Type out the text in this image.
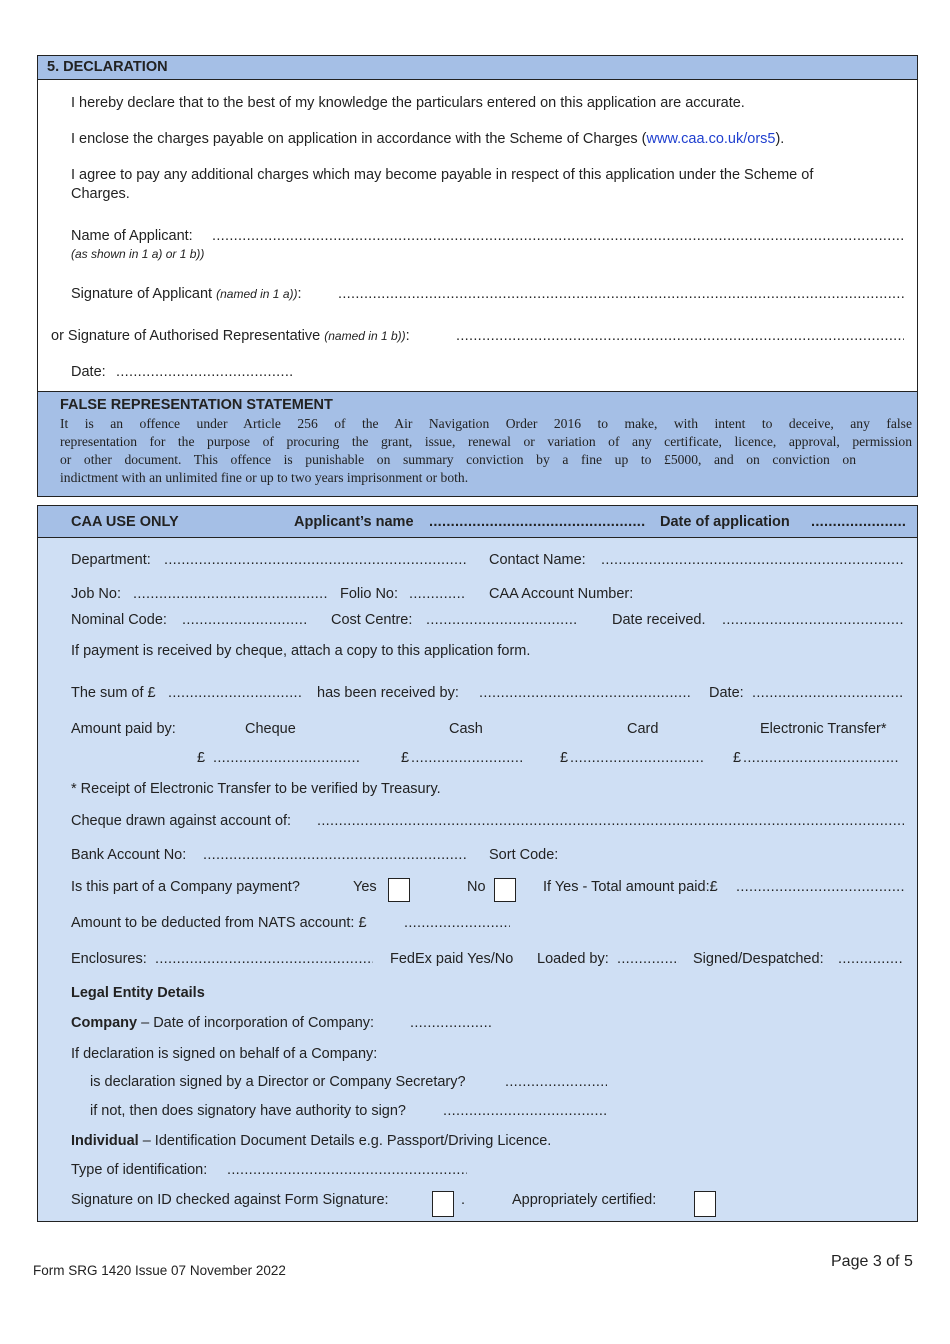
5. DECLARATION
I hereby declare that to the best of my knowledge the particulars entered on this application are accurate.
I enclose the charges payable on application in accordance with the Scheme of Charges (www.caa.co.uk/ors5).
I agree to pay any additional charges which may become payable in respect of this application under the Scheme of
Charges.
Name of Applicant:
.....
(as shown in 1 a) or 1 b))
Signature of Applicant (named in 1 a)):
.....
or Signature of Authorised Representative (named in 1 b)):
.....
Date:
.....
FALSE REPRESENTATION STATEMENT
It is an offence under Article 256 of the Air Navigation Order 2016 to make, with intent to deceive, any false
representation for the purpose of procuring the grant, issue, renewal or variation of any certificate, licence, approval, permission
or other document. This offence is punishable on summary conviction by a fine up to £5000, and on conviction on
indictment with an unlimited fine or up to two years imprisonment or both.
CAA USE ONLY	Applicant’s name .....	Date of application
.....
Department: .....	Contact Name:
.....
Job No: .....	Folio No: .....	CAA Account Number:
Nominal Code: .....	Cost Centre: .....	Date received.
.....
If payment is received by cheque, attach a copy to this application form.
The sum of £ .....	has been received by: .....	Date:
.....
Amount paid by:	Cheque	Cash	Card	Electronic Transfer*
£ .....	£ .....	£ .....	£
.....
* Receipt of Electronic Transfer to be verified by Treasury.
Cheque drawn against account of:
.....
Bank Account No: .....	Sort Code:
Is this part of a Company payment?	Yes	No	If Yes - Total amount paid:£
.....
Amount to be deducted from NATS account: £
.....
Enclosures: .....	FedEx paid Yes/No Loaded by: .....	Signed/Despatched:
.....
Legal Entity Details
Company – Date of incorporation of Company:
.....
If declaration is signed on behalf of a Company:
is declaration signed by a Director or Company Secretary?
.....
if not, then does signatory have authority to sign?
.....
Individual – Identification Document Details e.g. Passport/Driving Licence.
Type of identification:
.....
Signature on ID checked against Form Signature:	.	Appropriately certified:
Form SRG 1420 Issue 07 November 2022
Page 3 of 5
